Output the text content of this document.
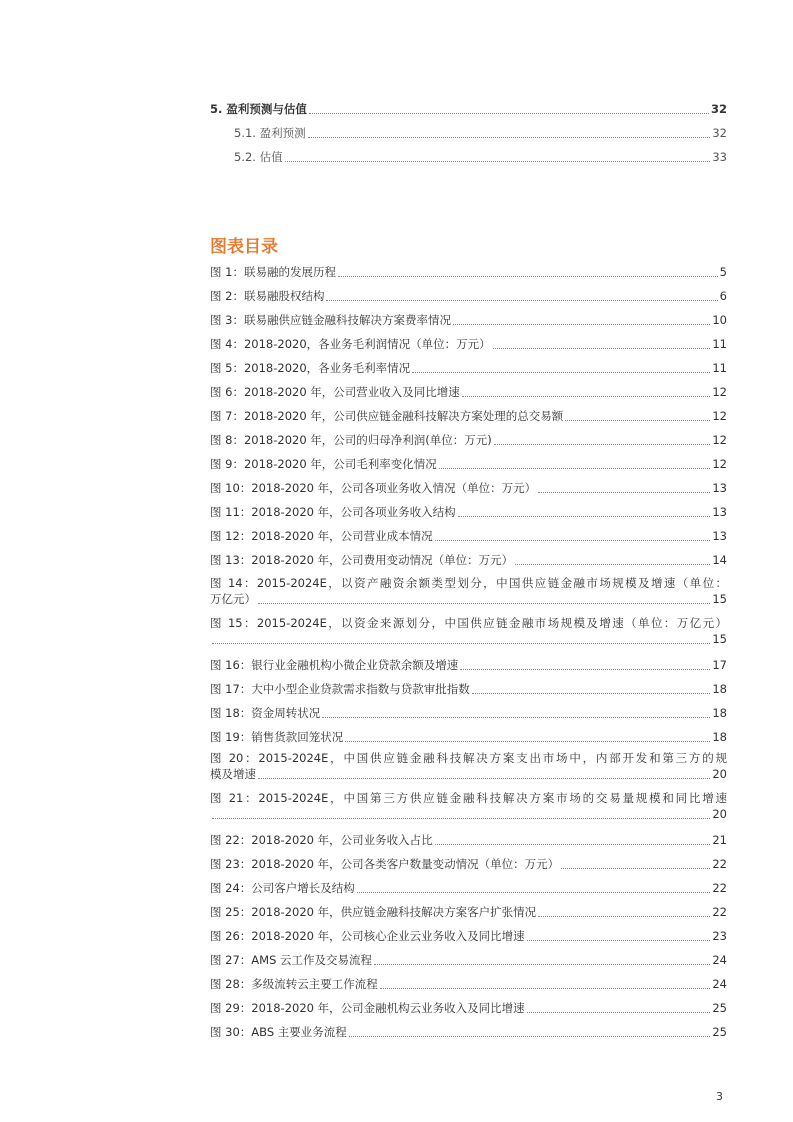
5. 盈利预测与估值	32
5.1. 盈利预测	32
5.2. 估值	33
图表目录
图 1：联易融的发展历程	5
图 2：联易融股权结构	6
图 3：联易融供应链金融科技解决方案费率情况	10
图 4：2018-2020，各业务毛利润情况（单位：万元）	11
图 5：2018-2020，各业务毛利率情况	11
图 6：2018-2020 年，公司营业收入及同比增速	12
图 7：2018-2020 年，公司供应链金融科技解决方案处理的总交易额	12
图 8：2018-2020 年，公司的归母净利润(单位：万元)	12
图 9：2018-2020 年，公司毛利率变化情况	12
图 10：2018-2020 年，公司各项业务收入情况（单位：万元）	13
图 11：2018-2020 年，公司各项业务收入结构	13
图 12：2018-2020 年，公司营业成本情况	13
图 13：2018-2020 年，公司费用变动情况（单位：万元）	14
图 14：2015-2024E，以资产融资余额类型划分，中国供应链金融市场规模及增速（单位：
万亿元）	15
图 15：2015-2024E，以资金来源划分，中国供应链金融市场规模及增速（单位：万亿元）
15
图 16：银行业金融机构小微企业贷款余额及增速	17
图 17：大中小型企业贷款需求指数与贷款审批指数	18
图 18：资金周转状况	18
图 19：销售货款回笼状况	18
图 20：2015-2024E，中国供应链金融科技解决方案支出市场中，内部开发和第三方的规
模及增速	20
图 21：2015-2024E，中国第三方供应链金融科技解决方案市场的交易量规模和同比增速
20
图 22：2018-2020 年，公司业务收入占比	21
图 23：2018-2020 年，公司各类客户数量变动情况（单位：万元）	22
图 24：公司客户增长及结构	22
图 25：2018-2020 年，供应链金融科技解决方案客户扩张情况	22
图 26：2018-2020 年，公司核心企业云业务收入及同比增速	23
图 27：AMS 云工作及交易流程	24
图 28：多级流转云主要工作流程	24
图 29：2018-2020 年，公司金融机构云业务收入及同比增速	25
图 30：ABS 主要业务流程	25
3
